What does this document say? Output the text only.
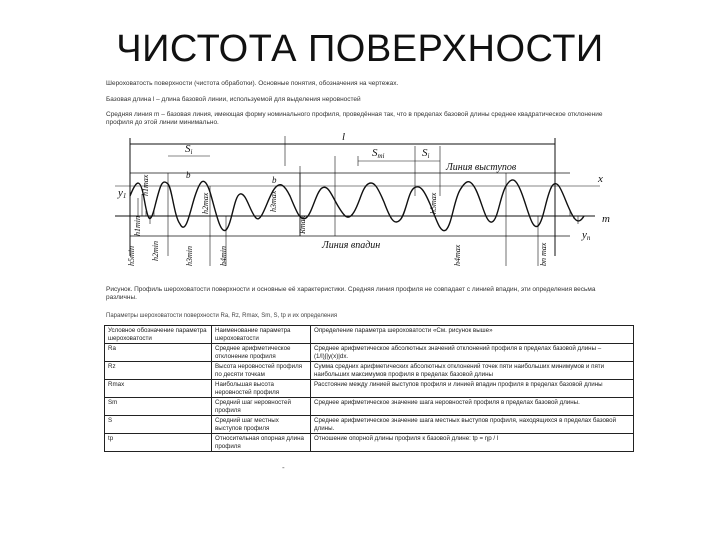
ЧИСТОТА ПОВЕРХНОСТИ
Шероховатость поверхности (чистота обработки). Основные понятия, обозначения на чертежах.
Базовая длина l – длина базовой линии, используемой для выделения неровностей
Средняя линия m – базовая линия, имеющая форму номинального профиля, проведённая так, что в пределах базовой длины среднее квадратическое отклонение профиля до этой линии минимально.
l
Smi	Si
Si
Линия выступов
Линия впадин
m
x
y1
yn
b	b
Rmax
h1max
h2max	h3max
h4max
h5max
h1min
h2min	h3min	h4min
h5min	bn max
Рисунок. Профиль шероховатости поверхности и основные её характеристики. Средняя линия профиля не совпадает с линией впадин, эти определения весьма различны.
Параметры шероховатости поверхности Ra, Rz, Rmax, Sm, S, tp и их определения
Условное обозначение параметра шероховатости	Наименование параметра шероховатости	Определение параметра шероховатости «См. рисунок выше»
Ra	Среднее арифметическое отклонение профиля	Среднее арифметическое абсолютных значений отклонений профиля в пределах базовой длины – (1/l)∫|y(x)|dx.
Rz	Высота неровностей профиля по десяти точкам	Сумма средних арифметических абсолютных отклонений точек пяти наибольших минимумов и пяти наибольших максимумов профиля в пределах базовой длины
Rmax	Наибольшая высота неровностей профиля	Расстояние между линией выступов профиля и линией впадин профиля в пределах базовой длины
Sm	Средний шаг неровностей профиля	Среднее арифметическое значение шага неровностей профиля в пределах базовой длины.
S	Средний шаг местных выступов профиля	Среднее арифметическое значение шага местных выступов профиля, находящихся в пределах базовой длины.
tp	Относительная опорная длина профиля	Отношение опорной длины профиля к базовой длине: tp = ηp / l
-
